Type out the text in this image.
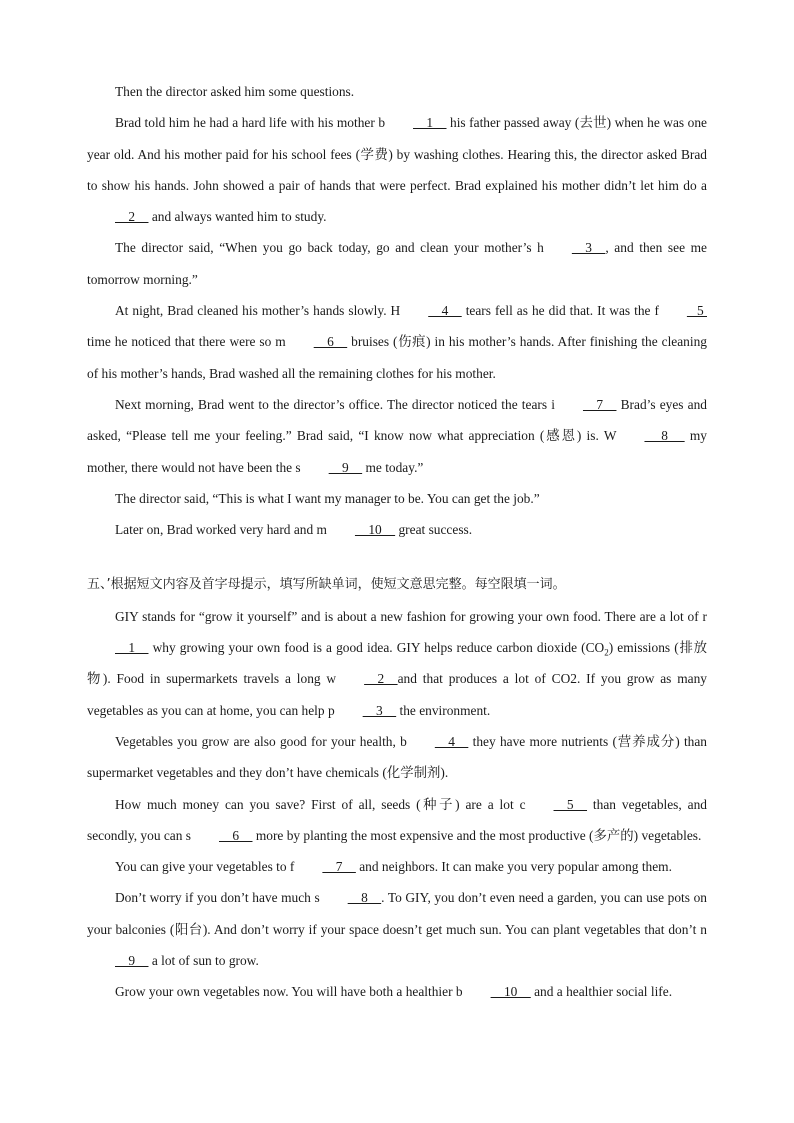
Then the director asked him some questions.

Brad told him he had a hard life with his mother b    1     his father passed away (去世) when he was one year old. And his mother paid for his school fees (学费) by washing clothes. Hearing this, the director asked Brad to show his hands. John showed a pair of hands that were perfect. Brad explained his mother didn’t let him do a    2     and always wanted him to study.

The director said, “When you go back today, go and clean your mother’s h    3    , and then see me tomorrow morning.”

At night, Brad cleaned his mother’s hands slowly. H    4     tears fell as he did that. It was the f   5  time he noticed that there were so m    6     bruises (伤痕) in his mother’s hands. After finishing the cleaning of his mother’s hands, Brad washed all the remaining clothes for his mother.

Next morning, Brad went to the director’s office. The director noticed the tears i    7     Brad’s eyes and asked, “Please tell me your feeling.” Brad said, “I know now what appreciation (感恩) is. W     8      my mother, there would not have been the s    9     me today.”

The director said, “This is what I want my manager to be. You can get the job.”

Later on, Brad worked very hard and m    10     great success.

五、’根据短文内容及首字母提示，填写所缺单词，使短文意思完整。每空限填一词。

GIY stands for “grow it yourself” and is about a new fashion for growing your own food. There are a lot of r     1     why growing your own food is a good idea. GIY helps reduce carbon dioxide $(CO_2)$ emissions (排放物). Food in supermarkets travels a long w    2    and that produces a lot of CO2. If you grow as many vegetables as you can at home, you can help p    3     the environment.

Vegetables you grow are also good for your health, b    4     they have more nutrients (营养成分) than supermarket vegetables and they don’t have chemicals (化学制剂).

How much money can you save? First of all, seeds (种子) are a lot c    5     than vegetables, and secondly, you can s    6     more by planting the most expensive and the most productive (多产的) vegetables.

You can give your vegetables to f    7     and neighbors. It can make you very popular among them.

Don’t worry if you don’t have much s    8    . To GIY, you don’t even need a garden, you can use pots on your balconies (阳台). And don’t worry if your space doesn’t get much sun. You can plant vegetables that don’t n    9     a lot of sun to grow.

Grow your own vegetables now. You will have both a healthier b    10     and a healthier social life.
